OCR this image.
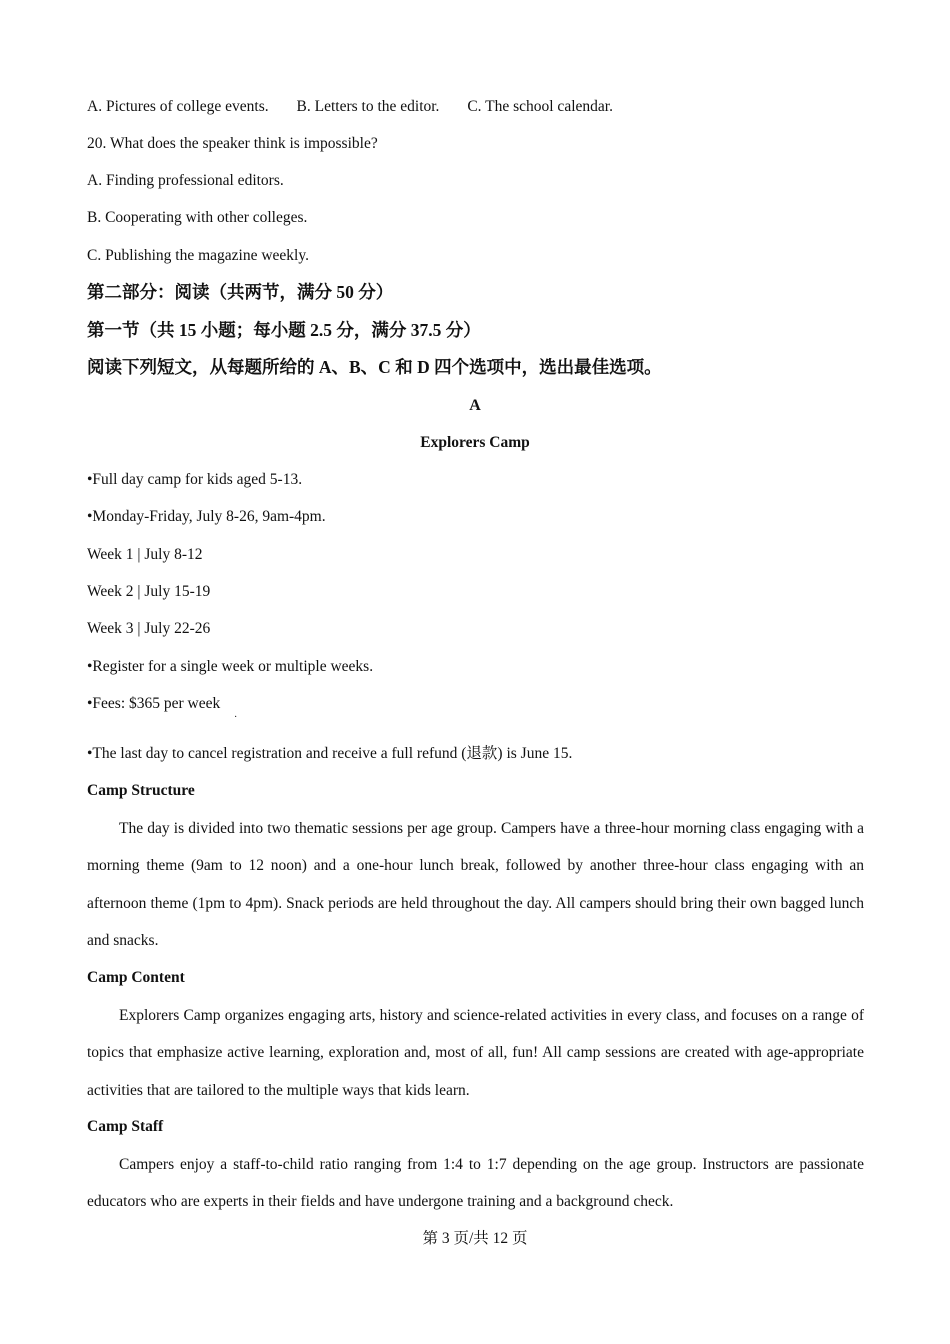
A. Pictures of college events. B. Letters to the editor. C. The school calendar.
20. What does the speaker think is impossible?
A. Finding professional editors.
B. Cooperating with other colleges.
C. Publishing the magazine weekly.
第二部分：阅读（共两节，满分 50 分）
第一节（共 15 小题；每小题 2.5 分，满分 37.5 分）
阅读下列短文，从每题所给的 A、B、C 和 D 四个选项中，选出最佳选项。
A
Explorers Camp
•Full day camp for kids aged 5-13.
•Monday-Friday, July 8-26, 9am-4pm.
Week 1 | July 8-12
Week 2 | July 15-19
Week 3 | July 22-26
•Register for a single week or multiple weeks.
•Fees: $365 per week
·
•The last day to cancel registration and receive a full refund (退款) is June 15.
Camp Structure
The day is divided into two thematic sessions per age group. Campers have a three-hour morning class engaging with a morning theme (9am to 12 noon) and a one-hour lunch break, followed by another three-hour class engaging with an afternoon theme (1pm to 4pm). Snack periods are held throughout the day. All campers should bring their own bagged lunch and snacks.
Camp Content
Explorers Camp organizes engaging arts, history and science-related activities in every class, and focuses on a range of topics that emphasize active learning, exploration and, most of all, fun! All camp sessions are created with age-appropriate activities that are tailored to the multiple ways that kids learn.
Camp Staff
Campers enjoy a staff-to-child ratio ranging from 1:4 to 1:7 depending on the age group. Instructors are passionate educators who are experts in their fields and have undergone training and a background check.
第 3 页/共 12 页
